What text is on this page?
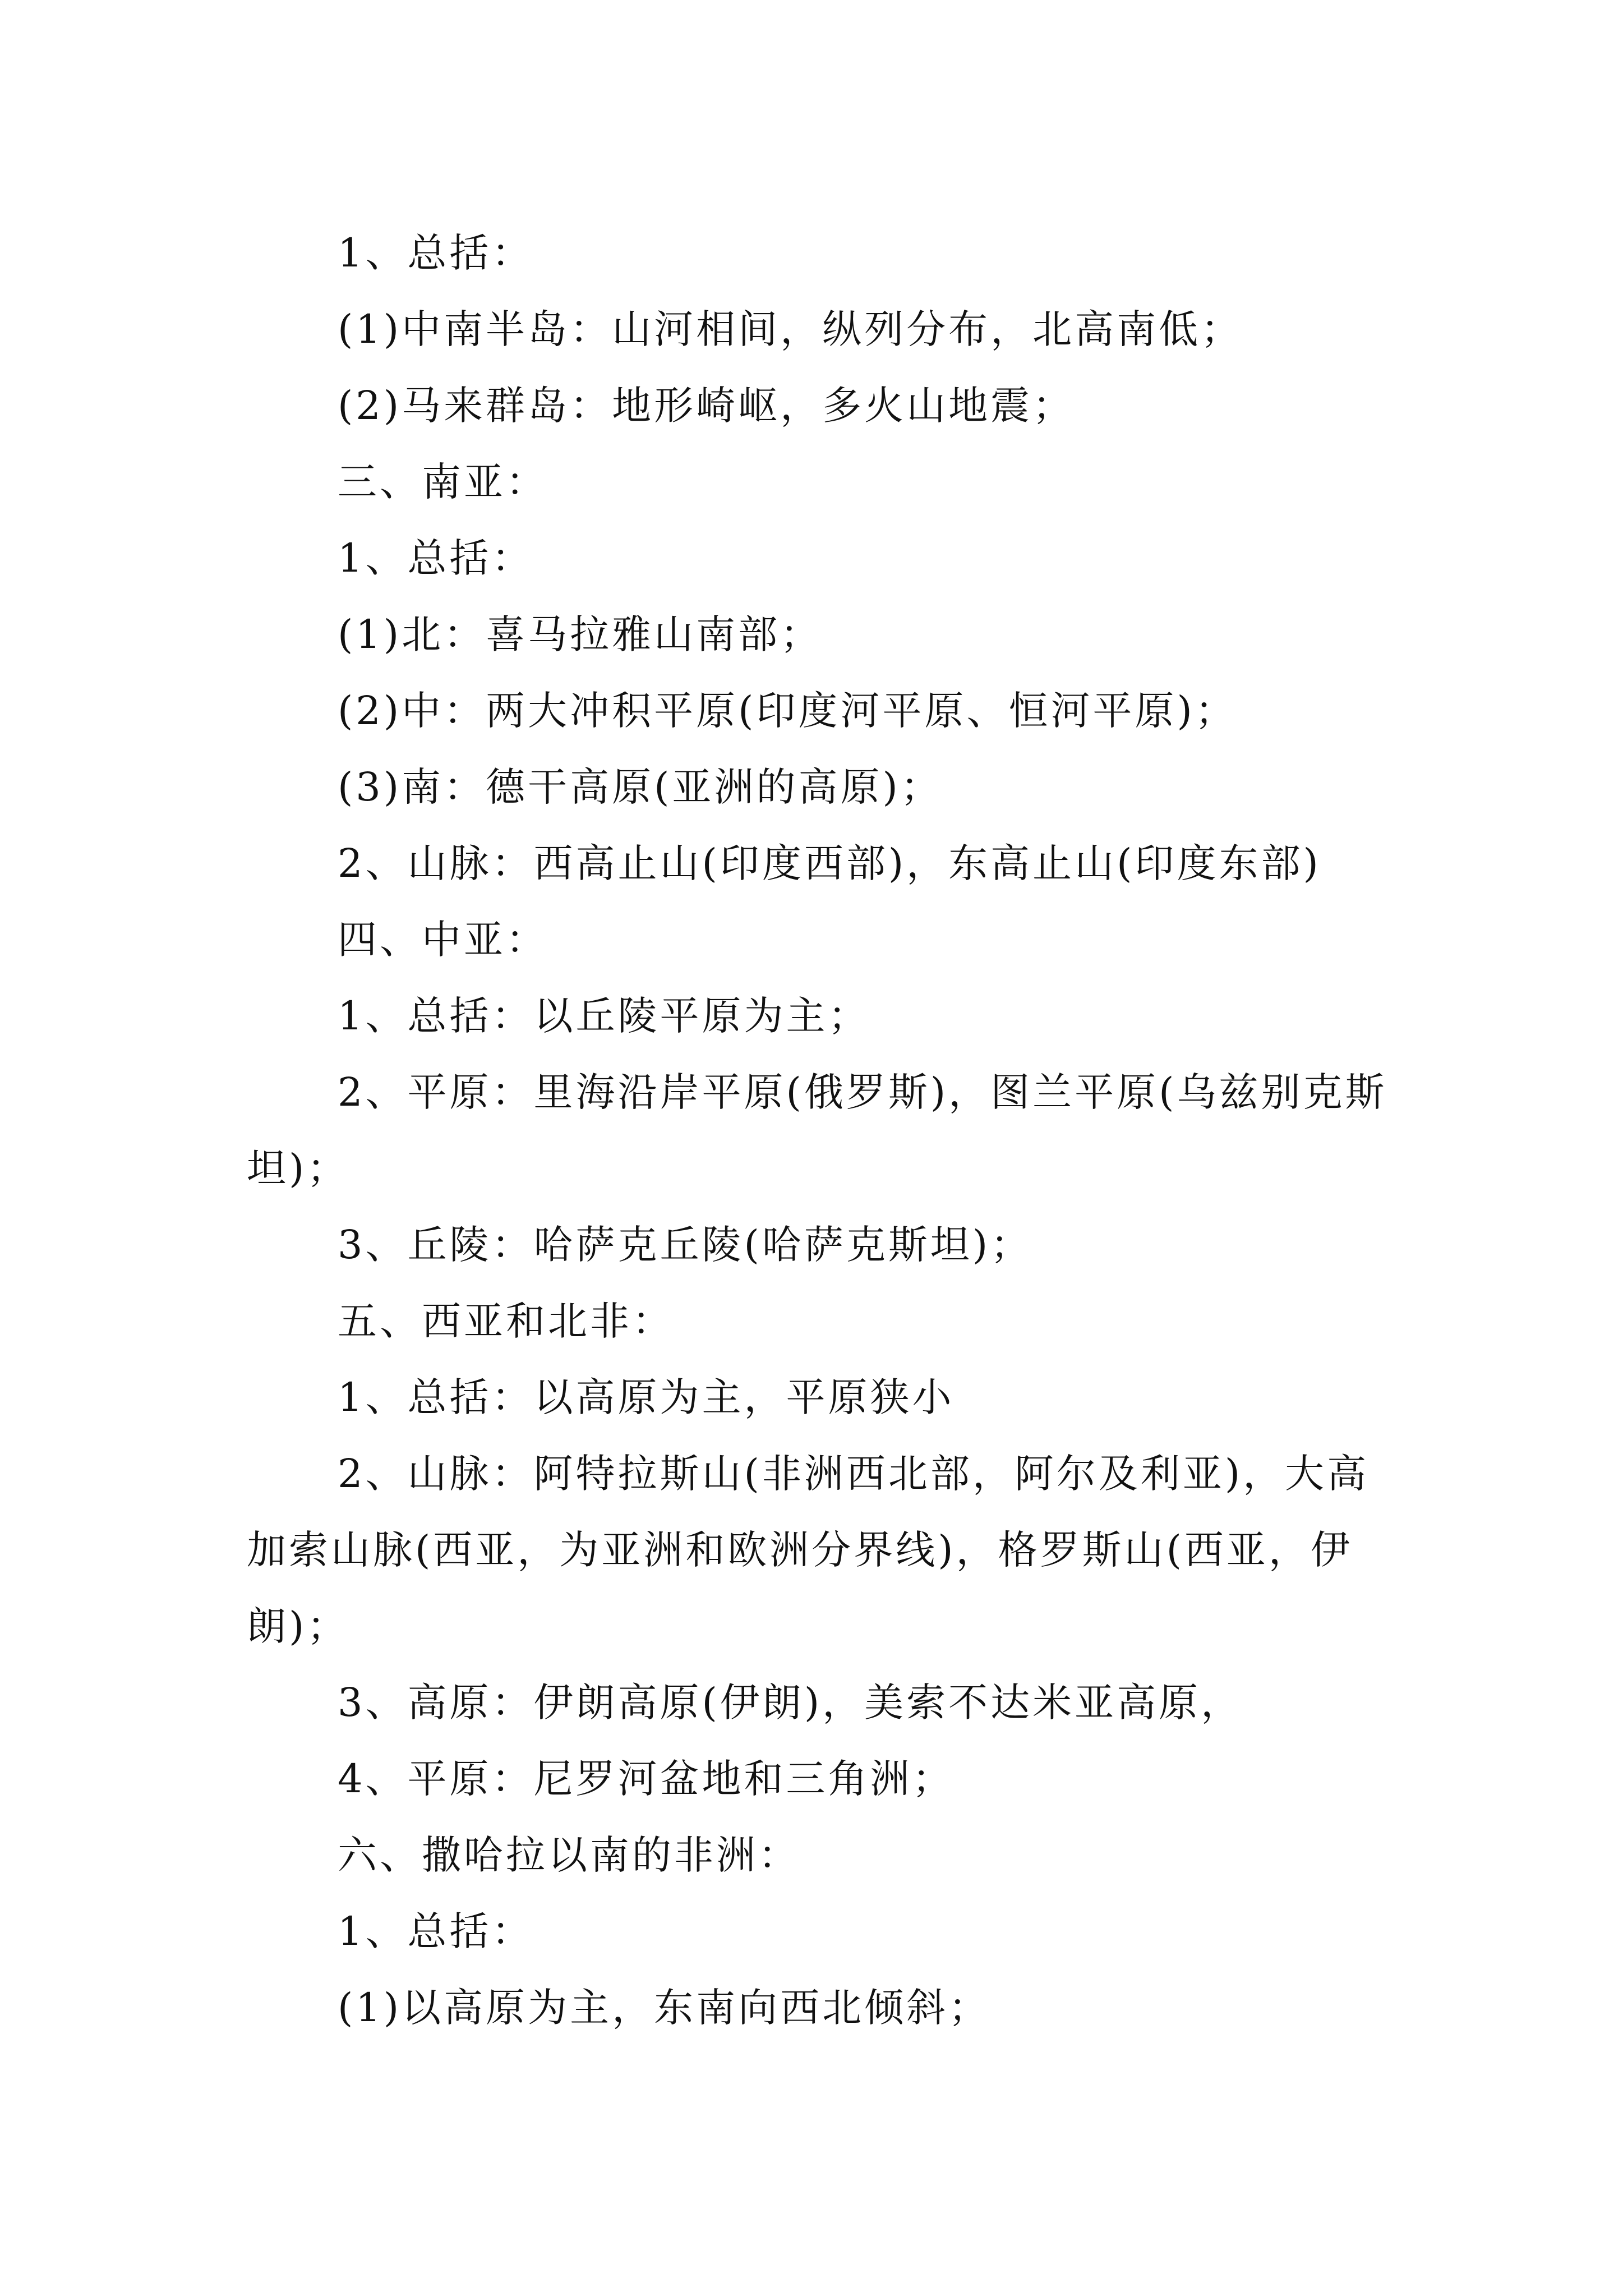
1、总括：

(1)中南半岛：山河相间，纵列分布，北高南低；

(2)马来群岛：地形崎岖，多火山地震；

三、南亚：

1、总括：

(1)北：喜马拉雅山南部；

(2)中：两大冲积平原(印度河平原、恒河平原)；

(3)南：德干高原(亚洲的高原)；

2、山脉：西高止山(印度西部)，东高止山(印度东部)

四、中亚：

1、总括：以丘陵平原为主；

2、平原：里海沿岸平原(俄罗斯)，图兰平原(乌兹别克斯坦)；

3、丘陵：哈萨克丘陵(哈萨克斯坦)；

五、西亚和北非：

1、总括：以高原为主，平原狭小

2、山脉：阿特拉斯山(非洲西北部，阿尔及利亚)，大高加索山脉(西亚，为亚洲和欧洲分界线)，格罗斯山(西亚，伊朗)；

3、高原：伊朗高原(伊朗)，美索不达米亚高原，

4、平原：尼罗河盆地和三角洲；

六、撒哈拉以南的非洲：

1、总括：

(1)以高原为主，东南向西北倾斜；
